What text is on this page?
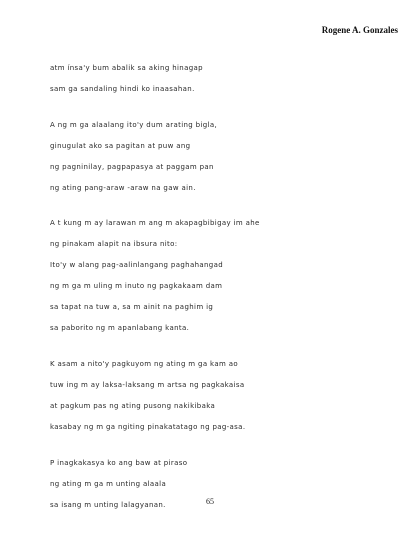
Rogene A. Gonzales
atm ínsa'y bum abalik sa aking hinagap
sam ga sandaling hindi ko inaasahan.
A ng m ga alaalang ito'y dum arating bigla,
ginugulat ako sa pagitan at puw ang
ng pagninilay, pagpapasya at paggam pan
ng ating pang-araw -araw na gaw ain.
A t kung m ay larawan m ang m akapagbibigay im ahe
ng pinakam alapit na ibsura nito:
Ito'y w alang pag-aalinlangang paghahangad
ng m ga m uling m inuto ng pagkakaam dam
sa tapat na tuw a, sa m ainit na paghim ig
sa paborito ng m apanlabang kanta.
K asam a nito'y pagkuyom ng ating m ga kam ao
tuw ing m ay laksa-laksang m artsa ng pagkakaisa
at pagkum pas ng ating pusong nakikibaka
kasabay ng m ga ngiting pinakatatago ng pag-asa.
P inagkakasya ko ang baw at piraso
ng ating m ga m unting alaala
sa isang m unting lalagyanan.	65
